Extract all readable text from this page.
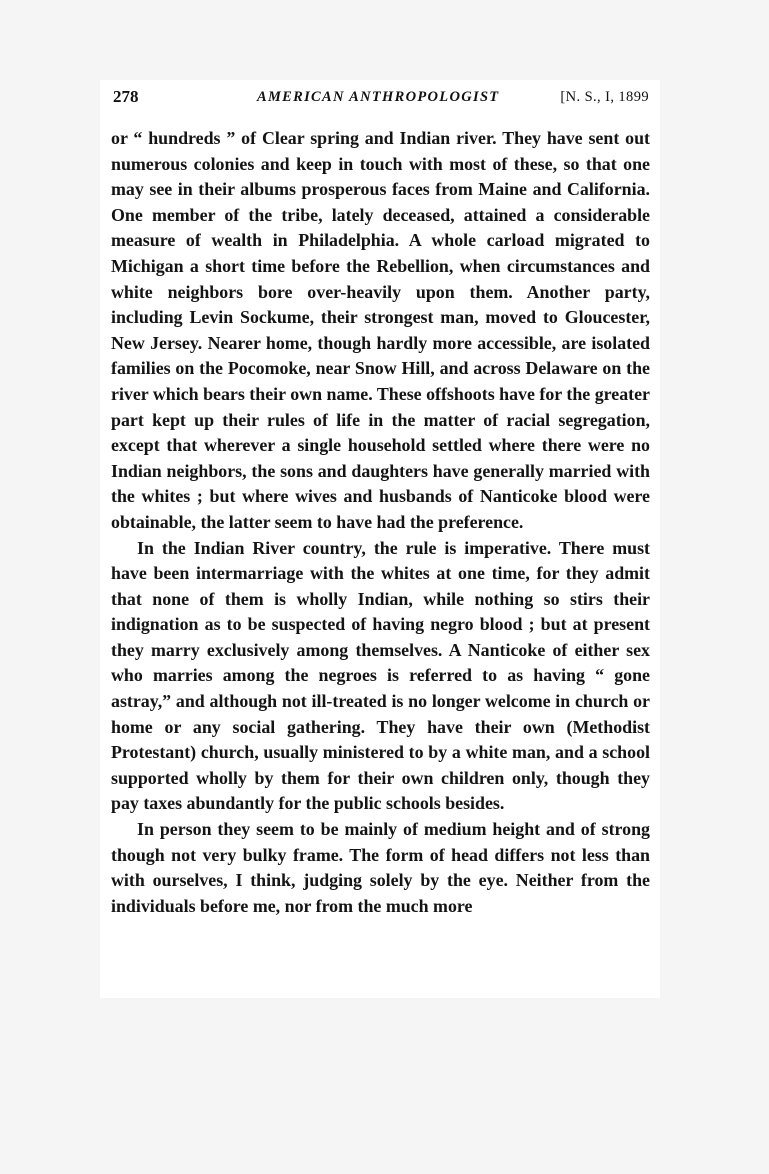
278	AMERICAN ANTHROPOLOGIST	[N. S., I, 1899

or “ hundreds ” of Clear spring and Indian river. They have sent out numerous colonies and keep in touch with most of these, so that one may see in their albums prosperous faces from Maine and California. One member of the tribe, lately deceased, attained a considerable measure of wealth in Philadelphia. A whole carload migrated to Michigan a short time before the Rebellion, when circumstances and white neighbors bore over-heavily upon them. Another party, including Levin Sockume, their strongest man, moved to Gloucester, New Jersey. Nearer home, though hardly more accessible, are isolated families on the Pocomoke, near Snow Hill, and across Delaware on the river which bears their own name. These offshoots have for the greater part kept up their rules of life in the matter of racial segregation, except that wherever a single household settled where there were no Indian neighbors, the sons and daughters have generally married with the whites ; but where wives and husbands of Nanticoke blood were obtainable, the latter seem to have had the preference.

In the Indian River country, the rule is imperative. There must have been intermarriage with the whites at one time, for they admit that none of them is wholly Indian, while nothing so stirs their indignation as to be suspected of having negro blood ; but at present they marry exclusively among themselves. A Nanticoke of either sex who marries among the negroes is referred to as having “ gone astray,” and although not ill-treated is no longer welcome in church or home or any social gathering. They have their own (Methodist Protestant) church, usually ministered to by a white man, and a school supported wholly by them for their own children only, though they pay taxes abundantly for the public schools besides.

In person they seem to be mainly of medium height and of strong though not very bulky frame. The form of head differs not less than with ourselves, I think, judging solely by the eye. Neither from the individuals before me, nor from the much more
